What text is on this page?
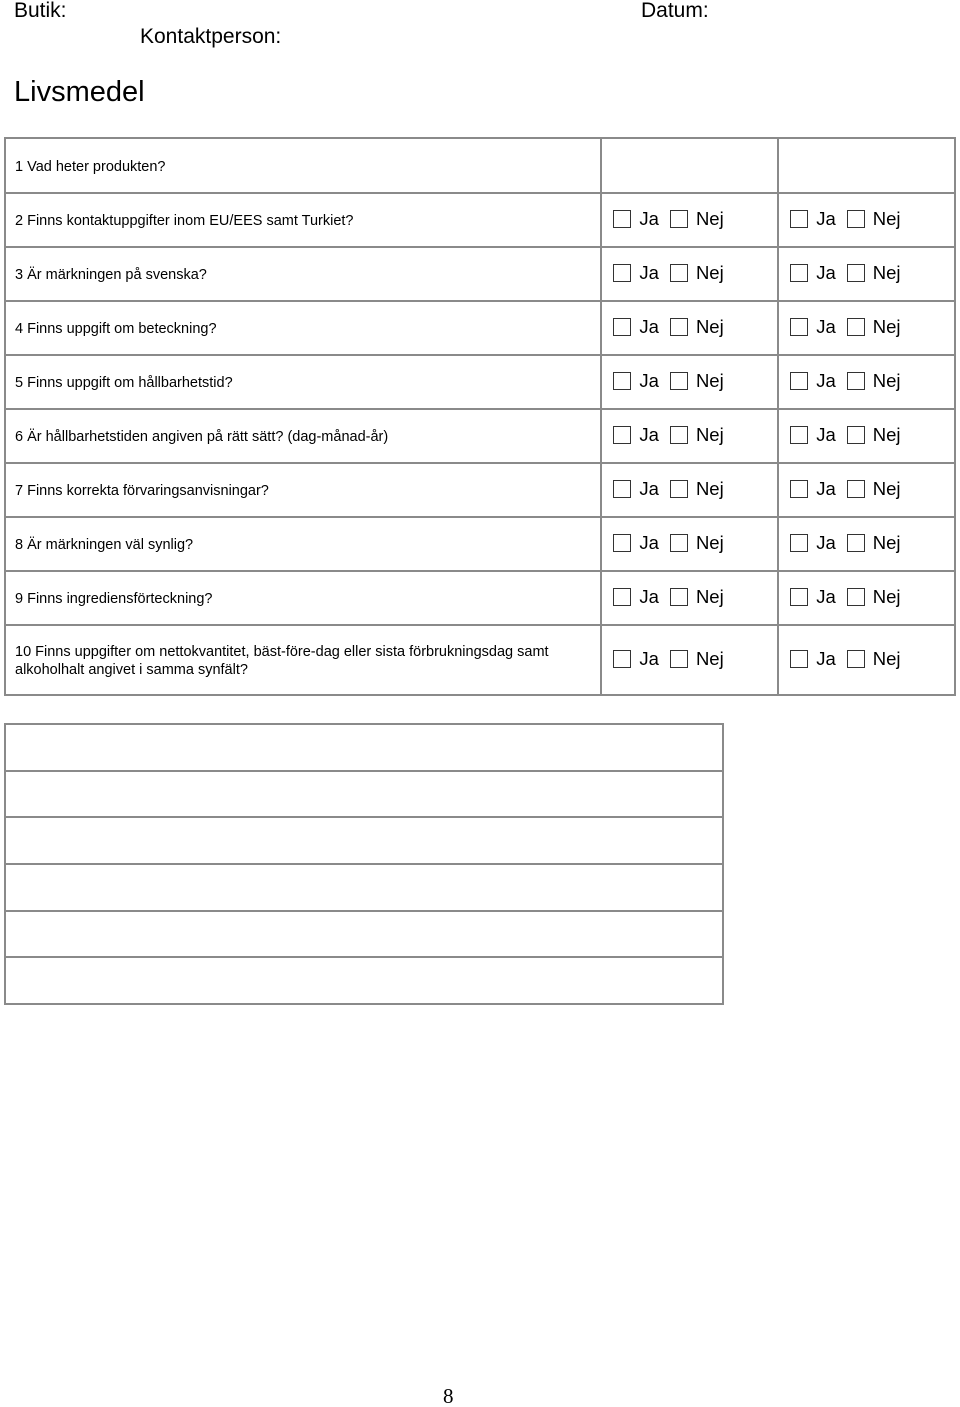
Butik:	Datum:
Kontaktperson:
Livsmedel
1 Vad heter produkten?		
2 Finns kontaktuppgifter inom EU/EES samt Turkiet?	Ja Nej	Ja Nej

3 Är märkningen på svenska?	Ja Nej	Ja Nej

4 Finns uppgift om beteckning?	Ja Nej	Ja Nej

5 Finns uppgift om hållbarhetstid?	Ja Nej	Ja Nej

6 Är hållbarhetstiden angiven på rätt sätt? (dag-månad-år)	Ja Nej	Ja Nej

7 Finns korrekta förvaringsanvisningar?	Ja Nej	Ja Nej

8 Är märkningen väl synlig?	Ja Nej	Ja Nej

9 Finns ingrediensförteckning?	Ja Nej	Ja Nej

10 Finns uppgifter om nettokvantitet, bäst-före-dag eller sista förbrukningsdag samt alkoholhalt angivet i samma synfält?	Ja Nej	Ja Nej

8
